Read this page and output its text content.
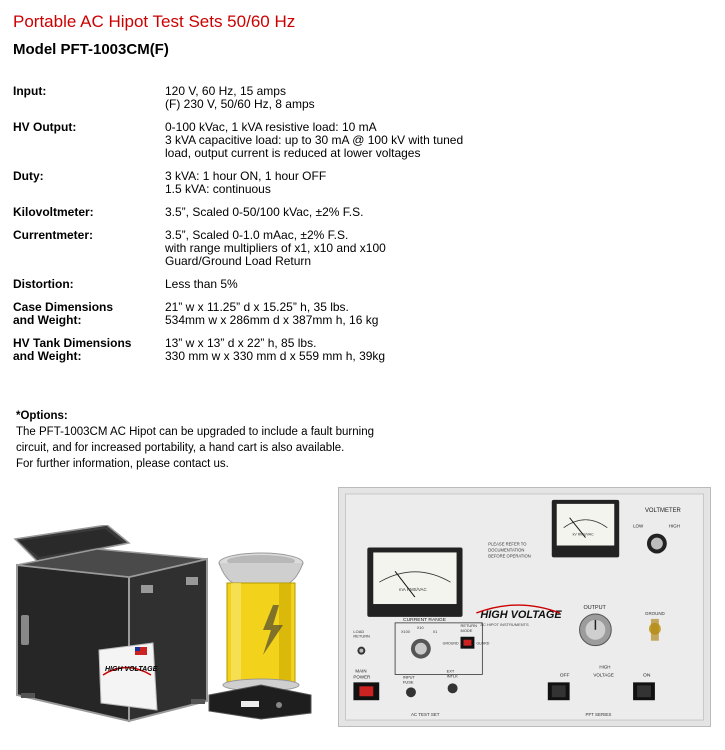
Portable AC Hipot Test Sets 50/60 Hz
Model PFT-1003CM(F)
Input:	120 V, 60 Hz, 15 amps
(F) 230 V, 50/60 Hz, 8 amps
HV Output:	0-100 kVac, 1 kVA resistive load: 10 mA
3 kVA capacitive load: up to 30 mA @ 100 kV with tuned
load, output current is reduced at lower voltages
Duty:	3 kVA: 1 hour ON, 1 hour OFF
1.5 kVA: continuous
Kilovoltmeter:	3.5”, Scaled 0-50/100 kVac, ±2% F.S.
Currentmeter:	3.5”, Scaled 0-1.0 mAac, ±2% F.S.
with range multipliers of x1, x10 and x100
Guard/Ground Load Return
Distortion:	Less than 5%
Case Dimensions
and Weight:
21” w x 11.25” d x 15.25” h, 35 lbs.
534mm w x 286mm d x 387mm h, 16 kg
HV Tank Dimensions
and Weight:
13” w x 13” d x 22” h, 85 lbs.
330 mm w x 330 mm d x 559 mm h, 39kg
*Options:
The PFT-1003CM AC Hipot can be upgraded to include a fault burning
circuit, and for increased portability, a hand cart is also available.
For further information, please contact us.
HIGH VOLTAGE
kV RMS/VAC
VOLTMETER
LOW	HIGH
PLEASE REFER TO
DOCUMENTATION
BEFORE OPERATION
mA RMS/VAC
HIGH VOLTAGE
AC HIPOT INSTRUMENTS
CURRENT RANGE
X100
X10
X1
RETURN
MODE
GROUND	GUARD
LOAD
RETURN
OUTPUT
GROUND
MAIN
POWER	INPUT
FUSE
EXT
INTLK
HIGH
VOLTAGE
OFF	ON
AC TEST SET	PFT SERIES
